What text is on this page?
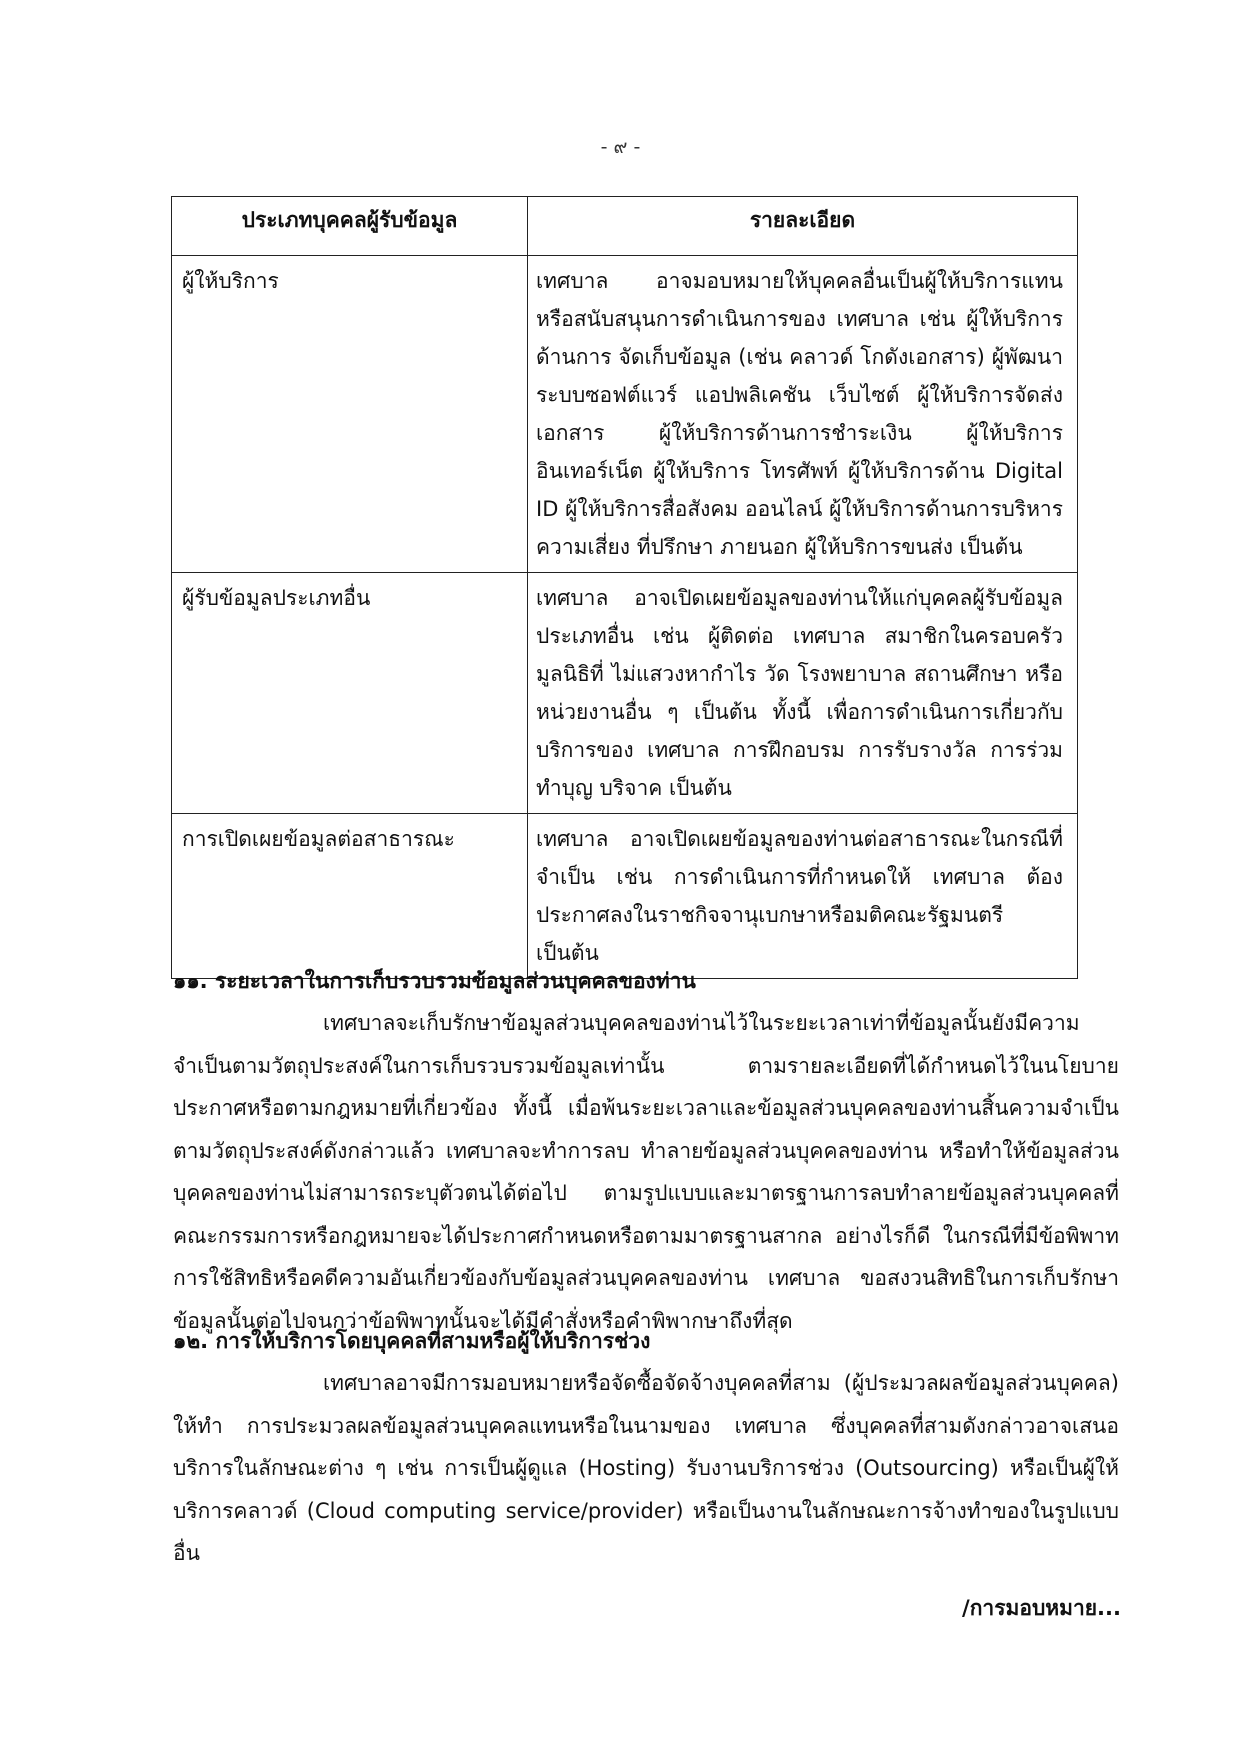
- ๙ -
ประเภทบุคคลผู้รับข้อมูล	รายละเอียด
ผู้ให้บริการ	เทศบาล อาจมอบหมายให้บุคคลอื่นเป็นผู้ให้บริการแทน หรือสนับสนุนการดำเนินการของ เทศบาล เช่น ผู้ให้บริการด้านการ จัดเก็บข้อมูล (เช่น คลาวด์ โกดังเอกสาร) ผู้พัฒนาระบบซอฟต์แวร์ แอปพลิเคชัน เว็บไซต์ ผู้ให้บริการจัดส่งเอกสาร ผู้ให้บริการด้านการชำระเงิน ผู้ให้บริการอินเทอร์เน็ต ผู้ให้บริการ โทรศัพท์ ผู้ให้บริการด้าน Digital ID ผู้ให้บริการสื่อสังคม ออนไลน์ ผู้ให้บริการด้านการบริหารความเสี่ยง ที่ปรึกษา ภายนอก ผู้ให้บริการขนส่ง เป็นต้น
ผู้รับข้อมูลประเภทอื่น	เทศบาล อาจเปิดเผยข้อมูลของท่านให้แก่บุคคลผู้รับข้อมูลประเภทอื่น เช่น ผู้ติดต่อ เทศบาล สมาชิกในครอบครัว มูลนิธิที่ ไม่แสวงหากำไร วัด โรงพยาบาล สถานศึกษา หรือหน่วยงานอื่น ๆ เป็นต้น ทั้งนี้ เพื่อการดำเนินการเกี่ยวกับบริการของ เทศบาล การฝึกอบรม การรับรางวัล การร่วมทำบุญ บริจาค เป็นต้น
การเปิดเผยข้อมูลต่อสาธารณะ	เทศบาล อาจเปิดเผยข้อมูลของท่านต่อสาธารณะในกรณีที่จำเป็น เช่น การดำเนินการที่กำหนดให้ เทศบาล ต้องประกาศลงในราชกิจจานุเบกษาหรือมติคณะรัฐมนตรี เป็นต้น
๑๑. ระยะเวลาในการเก็บรวบรวมข้อมูลส่วนบุคคลของท่าน

เทศบาลจะเก็บรักษาข้อมูลส่วนบุคคลของท่านไว้ในระยะเวลาเท่าที่ข้อมูลนั้นยังมีความจำเป็นตามวัตถุประสงค์ในการเก็บรวบรวมข้อมูลเท่านั้น ตามรายละเอียดที่ได้กำหนดไว้ในนโยบาย ประกาศหรือตามกฎหมายที่เกี่ยวข้อง ทั้งนี้ เมื่อพ้นระยะเวลาและข้อมูลส่วนบุคคลของท่านสิ้นความจำเป็นตามวัตถุประสงค์ดังกล่าวแล้ว เทศบาลจะทำการลบ ทำลายข้อมูลส่วนบุคคลของท่าน หรือทำให้ข้อมูลส่วนบุคคลของท่านไม่สามารถระบุตัวตนได้ต่อไป ตามรูปแบบและมาตรฐานการลบทำลายข้อมูลส่วนบุคคลที่คณะกรรมการหรือกฎหมายจะได้ประกาศกำหนดหรือตามมาตรฐานสากล อย่างไรก็ดี ในกรณีที่มีข้อพิพาท การใช้สิทธิหรือคดีความอันเกี่ยวข้องกับข้อมูลส่วนบุคคลของท่าน เทศบาล ขอสงวนสิทธิในการเก็บรักษาข้อมูลนั้นต่อไปจนกว่าข้อพิพาทนั้นจะได้มีคำสั่งหรือคำพิพากษาถึงที่สุด

๑๒. การให้บริการโดยบุคคลที่สามหรือผู้ให้บริการช่วง

เทศบาลอาจมีการมอบหมายหรือจัดซื้อจัดจ้างบุคคลที่สาม (ผู้ประมวลผลข้อมูลส่วนบุคคล) ให้ทำ การประมวลผลข้อมูลส่วนบุคคลแทนหรือในนามของ เทศบาล ซึ่งบุคคลที่สามดังกล่าวอาจเสนอบริการในลักษณะต่าง ๆ เช่น การเป็นผู้ดูแล (Hosting) รับงานบริการช่วง (Outsourcing) หรือเป็นผู้ให้บริการคลาวด์ (Cloud computing service/provider) หรือเป็นงานในลักษณะการจ้างทำของในรูปแบบอื่น

/การมอบหมาย...
